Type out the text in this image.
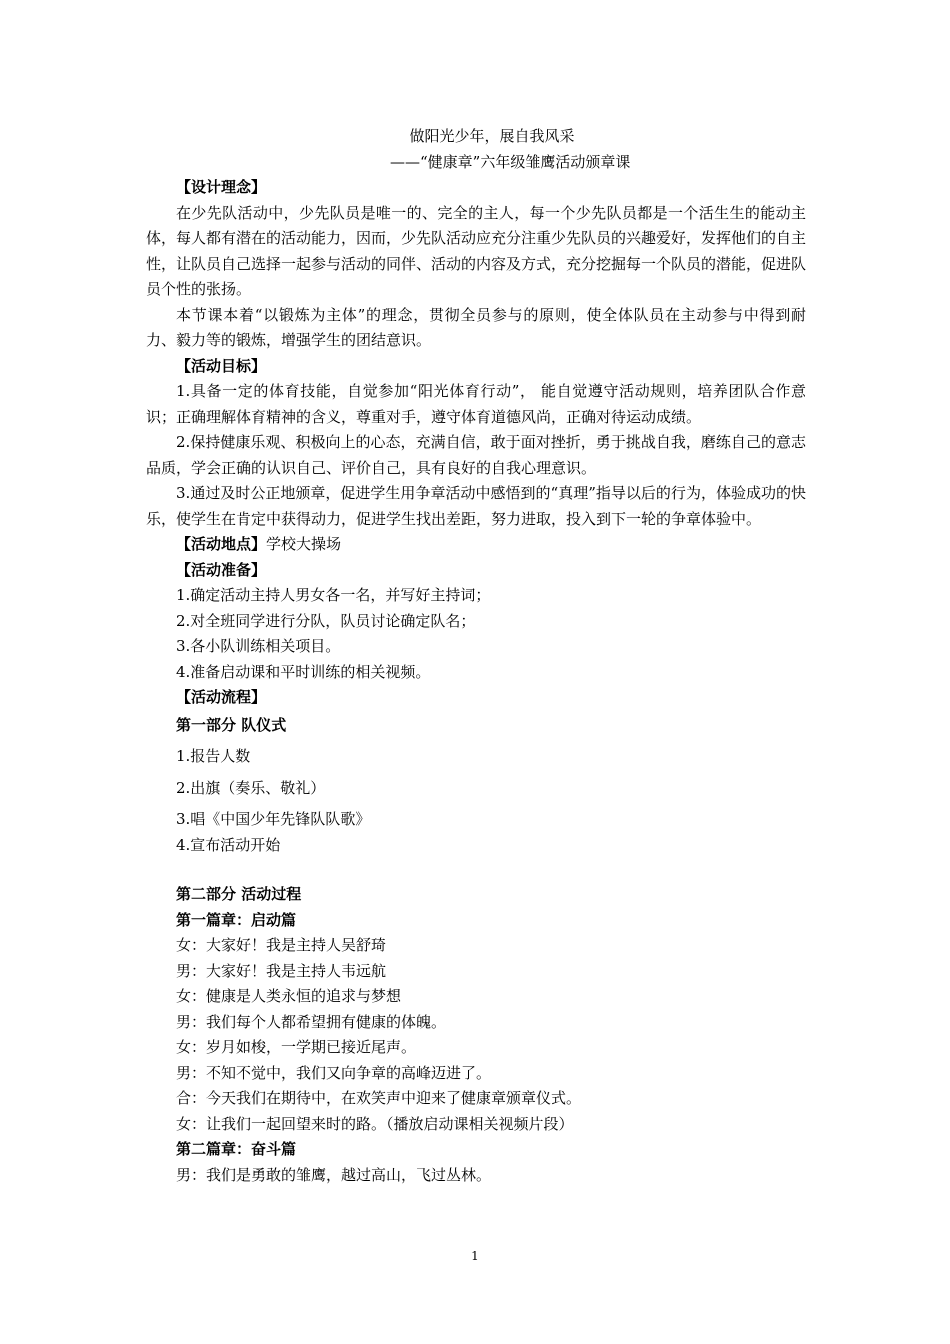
做阳光少年，展自我风采

——“健康章”六年级雏鹰活动颁章课

【设计理念】

在少先队活动中，少先队员是唯一的、完全的主人，每一个少先队员都是一个活生生的能动主体，每人都有潜在的活动能力，因而，少先队活动应充分注重少先队员的兴趣爱好，发挥他们的自主性，让队员自己选择一起参与活动的同伴、活动的内容及方式，充分挖掘每一个队员的潜能，促进队员个性的张扬。

本节课本着“以锻炼为主体”的理念，贯彻全员参与的原则，使全体队员在主动参与中得到耐力、毅力等的锻炼，增强学生的团结意识。

【活动目标】

1.具备一定的体育技能，自觉参加“阳光体育行动”， 能自觉遵守活动规则，培养团队合作意识；正确理解体育精神的含义，尊重对手，遵守体育道德风尚，正确对待运动成绩。

2.保持健康乐观、积极向上的心态，充满自信，敢于面对挫折，勇于挑战自我，磨练自己的意志品质，学会正确的认识自己、评价自己，具有良好的自我心理意识。

3.通过及时公正地颁章，促进学生用争章活动中感悟到的“真理”指导以后的行为，体验成功的快乐，使学生在肯定中获得动力，促进学生找出差距，努力进取，投入到下一轮的争章体验中。

【活动地点】学校大操场

【活动准备】

1.确定活动主持人男女各一名，并写好主持词；

2.对全班同学进行分队，队员讨论确定队名；

3.各小队训练相关项目。

4.准备启动课和平时训练的相关视频。

【活动流程】

第一部分 队仪式

1.报告人数

2.出旗（奏乐、敬礼）

3.唱《中国少年先锋队队歌》

4.宣布活动开始

第二部分 活动过程

第一篇章：启动篇

女：大家好！我是主持人吴舒琦

男：大家好！我是主持人韦远航

女：健康是人类永恒的追求与梦想

男：我们每个人都希望拥有健康的体魄。

女：岁月如梭，一学期已接近尾声。

男：不知不觉中，我们又向争章的高峰迈进了。

合：今天我们在期待中，在欢笑声中迎来了健康章颁章仪式。

女：让我们一起回望来时的路。（播放启动课相关视频片段）

第二篇章：奋斗篇

男：我们是勇敢的雏鹰，越过高山，飞过丛林。

1
